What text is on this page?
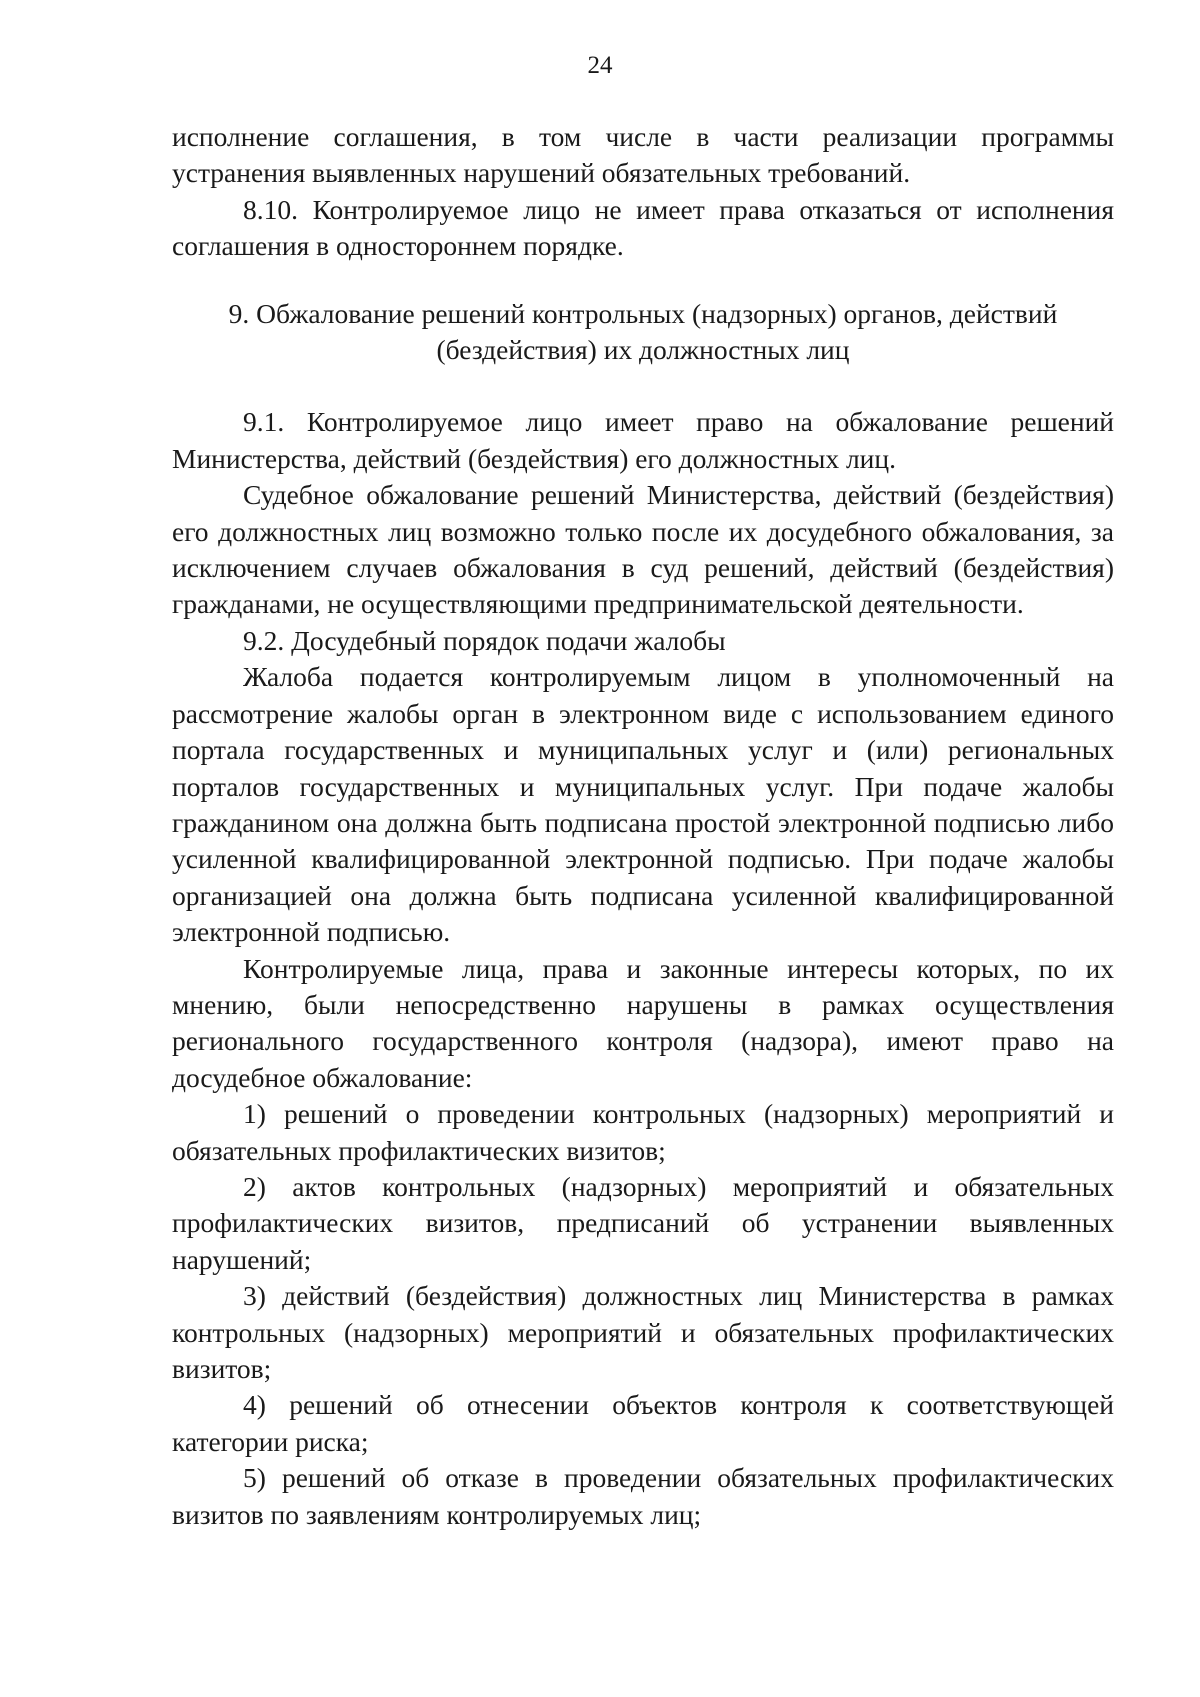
24

исполнение соглашения, в том числе в части реализации программы устранения выявленных нарушений обязательных требований.

8.10. Контролируемое лицо не имеет права отказаться от исполнения соглашения в одностороннем порядке.

9. Обжалование решений контрольных (надзорных) органов, действий
(бездействия) их должностных лиц

9.1. Контролируемое лицо имеет право на обжалование решений Министерства, действий (бездействия) его должностных лиц.

Судебное обжалование решений Министерства, действий (бездействия) его должностных лиц возможно только после их досудебного обжалования, за исключением случаев обжалования в суд решений, действий (бездействия) гражданами, не осуществляющими предпринимательской деятельности.

9.2. Досудебный порядок подачи жалобы

Жалоба подается контролируемым лицом в уполномоченный на рассмотрение жалобы орган в электронном виде с использованием единого портала государственных и муниципальных услуг и (или) региональных порталов государственных и муниципальных услуг. При подаче жалобы гражданином она должна быть подписана простой электронной подписью либо усиленной квалифицированной электронной подписью. При подаче жалобы организацией она должна быть подписана усиленной квалифицированной электронной подписью.

Контролируемые лица, права и законные интересы которых, по их мнению, были непосредственно нарушены в рамках осуществления регионального государственного контроля (надзора), имеют право на досудебное обжалование:

1) решений о проведении контрольных (надзорных) мероприятий и обязательных профилактических визитов;

2) актов контрольных (надзорных) мероприятий и обязательных профилактических визитов, предписаний об устранении выявленных нарушений;

3) действий (бездействия) должностных лиц Министерства в рамках контрольных (надзорных) мероприятий и обязательных профилактических визитов;

4) решений об отнесении объектов контроля к соответствующей категории риска;

5) решений об отказе в проведении обязательных профилактических визитов по заявлениям контролируемых лиц;
